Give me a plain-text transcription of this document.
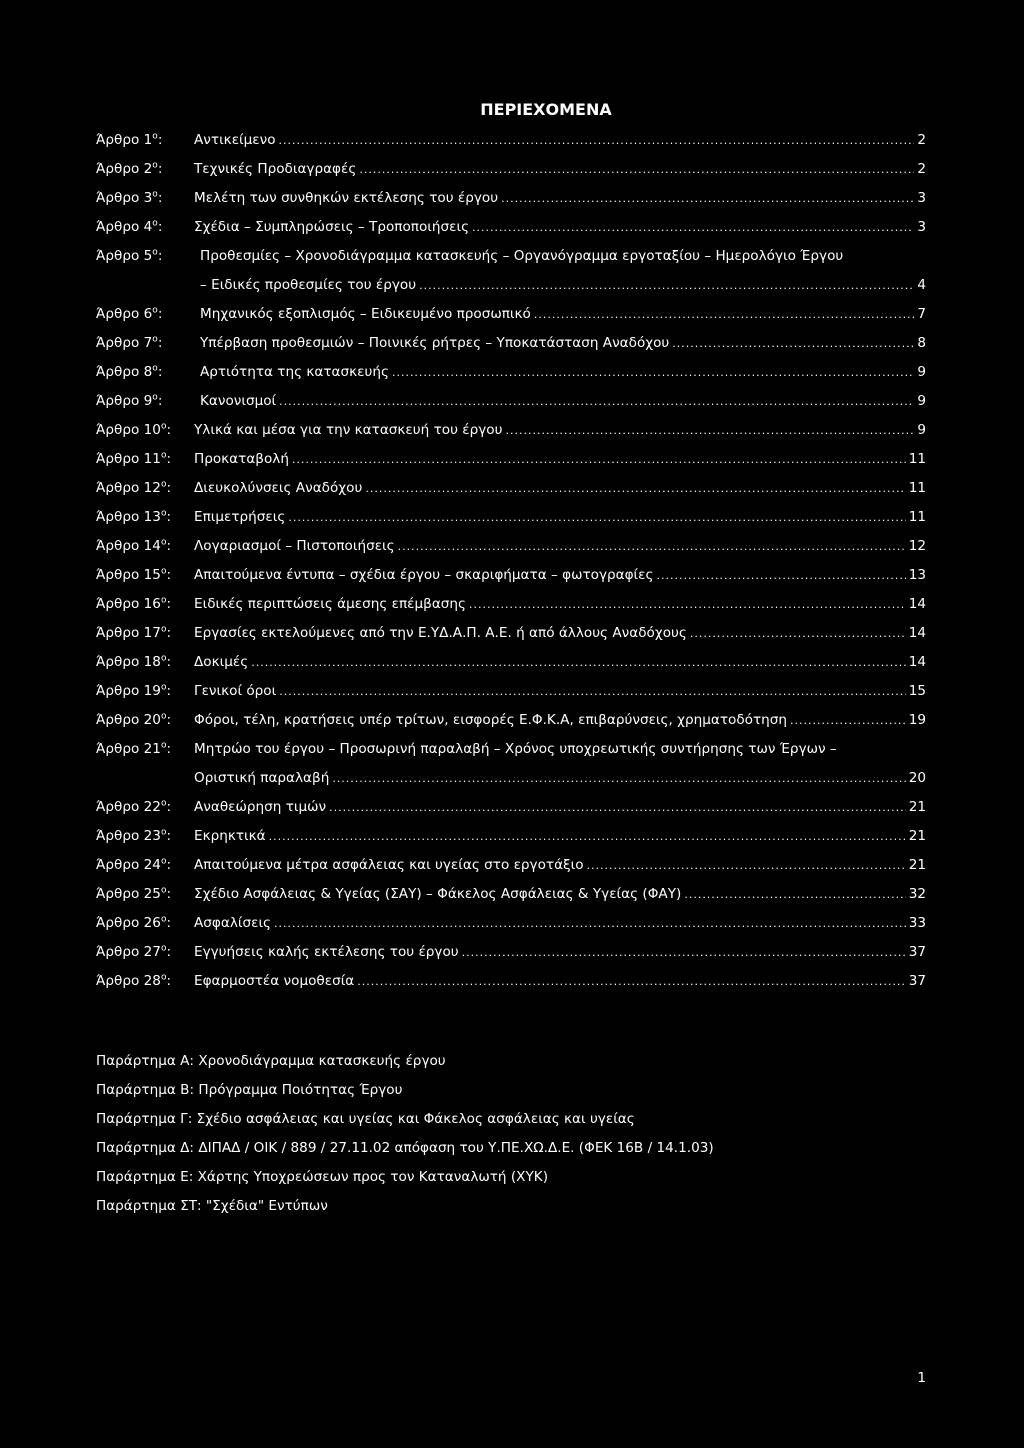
ΠΕΡΙΕΧΟΜΕΝΑ
Άρθρο $1^o$: Αντικείμενο .....	2
Άρθρο $2^o$: Τεχνικές Προδιαγραφές .....	2
Άρθρο $3^o$: Μελέτη των συνθηκών εκτέλεσης του έργου .....	3
Άρθρο $4^o$: Σχέδια – Συμπληρώσεις – Τροποποιήσεις .....	3
Άρθρο $5^o$:	Προθεσμίες – Χρονοδιάγραμμα κατασκευής – Οργανόγραμμα εργοταξίου – Ημερολόγιο Έργου
– Ειδικές προθεσμίες του έργου .....	4
Άρθρο $6^o$:	Μηχανικός εξοπλισμός – Ειδικευμένο προσωπικό .....	7
Άρθρο $7^o$:	Υπέρβαση προθεσμιών – Ποινικές ρήτρες – Υποκατάσταση Αναδόχου .....	8
Άρθρο $8^o$:	Αρτιότητα της κατασκευής .....	9
Άρθρο $9^o$:	Κανονισμοί .....	9
Άρθρο $10^o$: Υλικά και μέσα για την κατασκευή του έργου .....	9
Άρθρο $11^o$: Προκαταβολή .....	11
Άρθρο $12^o$: Διευκολύνσεις Αναδόχου .....	11
Άρθρο $13^o$: Επιμετρήσεις .....	11
Άρθρο $14^o$: Λογαριασμοί – Πιστοποιήσεις .....	12
Άρθρο $15^o$: Απαιτούμενα έντυπα – σχέδια έργου – σκαριφήματα – φωτογραφίες .....	13
Άρθρο $16^o$: Ειδικές περιπτώσεις άμεσης επέμβασης .....	14
Άρθρο $17^o$: Εργασίες εκτελούμενες από την Ε.ΥΔ.Α.Π. Α.Ε. ή από άλλους Αναδόχους .....	14
Άρθρο $18^o$: Δοκιμές .....	14
Άρθρο $19^o$: Γενικοί όροι .....	15
Άρθρο $20^o$: Φόροι, τέλη, κρατήσεις υπέρ τρίτων, εισφορές Ε.Φ.Κ.Α, επιβαρύνσεις, χρηματοδότηση .....	19
Άρθρο $21^o$: Μητρώο του έργου – Προσωρινή παραλαβή – Χρόνος υποχρεωτικής συντήρησης των Έργων –
Οριστική παραλαβή .....	20
Άρθρο $22^o$: Αναθεώρηση τιμών .....	21
Άρθρο $23^o$: Εκρηκτικά .....	21
Άρθρο $24^o$: Απαιτούμενα μέτρα ασφάλειας και υγείας στο εργοτάξιο .....	21
Άρθρο $25^o$: Σχέδιο Ασφάλειας & Υγείας (ΣΑΥ) – Φάκελος Ασφάλειας & Υγείας (ΦΑΥ) .....	32
Άρθρο $26^o$: Ασφαλίσεις .....	33
Άρθρο $27^o$: Εγγυήσεις καλής εκτέλεσης του έργου .....	37
Άρθρο $28^o$: Εφαρμοστέα νομοθεσία .....	37
Παράρτημα Α: Χρονοδιάγραμμα κατασκευής έργου
Παράρτημα Β: Πρόγραμμα Ποιότητας Έργου
Παράρτημα Γ: Σχέδιο ασφάλειας και υγείας και Φάκελος ασφάλειας και υγείας
Παράρτημα Δ: ΔΙΠΑΔ / ΟΙΚ / 889 / 27.11.02 απόφαση του Υ.ΠΕ.ΧΩ.Δ.Ε. (ΦΕΚ 16Β / 14.1.03)
Παράρτημα Ε: Χάρτης Υποχρεώσεων προς τον Καταναλωτή (ΧΥΚ)
Παράρτημα ΣΤ: "Σχέδια" Εντύπων
1
